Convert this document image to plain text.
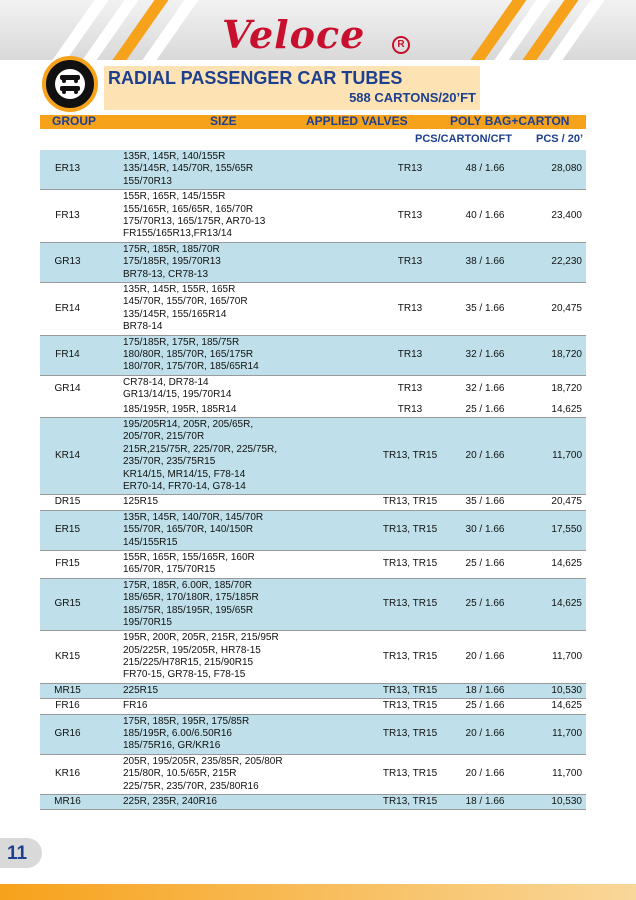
Veloce	R
RADIAL PASSENGER CAR TUBES
588 CARTONS/20’FT
GROUP	SIZE	APPLIED VALVES	POLY BAG+CARTON
PCS/CARTON/CFT PCS / 20’
ER13
135R, 145R, 140/155R
135/145R, 145/70R, 155/65R
155/70R13
TR13	48 / 1.66	28,080
FR13
155R, 165R, 145/155R
155/165R, 165/65R, 165/70R
175/70R13, 165/175R, AR70-13
FR155/165R13,FR13/14
TR13	40 / 1.66	23,400
GR13
175R, 185R, 185/70R
175/185R, 195/70R13
BR78-13, CR78-13
TR13	38 / 1.66	22,230
ER14
135R, 145R, 155R, 165R
145/70R, 155/70R, 165/70R
135/145R, 155/165R14
BR78-14
TR13	35 / 1.66	20,475
FR14
175/185R, 175R, 185/75R
180/80R, 185/70R, 165/175R
180/70R, 175/70R, 185/65R14
TR13	32 / 1.66	18,720
GR14
CR78-14, DR78-14
GR13/14/15, 195/70R14
TR13	32 / 1.66	18,720
185/195R, 195R, 185R14	TR13	25 / 1.66	14,625
KR14
195/205R14, 205R, 205/65R,
205/70R, 215/70R
215R,215/75R, 225/70R, 225/75R,
235/70R, 235/75R15
KR14/15, MR14/15, F78-14
ER70-14, FR70-14, G78-14
TR13, TR15	20 / 1.66	11,700
DR15	125R15	TR13, TR15	35 / 1.66	20,475
ER15
135R, 145R, 140/70R, 145/70R
155/70R, 165/70R, 140/150R
145/155R15
TR13, TR15	30 / 1.66	17,550
FR15
155R, 165R, 155/165R, 160R
165/70R, 175/70R15
TR13, TR15	25 / 1.66	14,625
GR15
175R, 185R, 6.00R, 185/70R
185/65R, 170/180R, 175/185R
185/75R, 185/195R, 195/65R
195/70R15
TR13, TR15	25 / 1.66	14,625
KR15
195R, 200R, 205R, 215R, 215/95R
205/225R, 195/205R, HR78-15
215/225/H78R15, 215/90R15
FR70-15, GR78-15, F78-15
TR13, TR15	20 / 1.66	11,700
MR15	225R15	TR13, TR15	18 / 1.66	10,530
FR16	FR16	TR13, TR15	25 / 1.66	14,625
GR16
175R, 185R, 195R, 175/85R
185/195R, 6.00/6.50R16
185/75R16, GR/KR16
TR13, TR15	20 / 1.66	11,700
KR16
205R, 195/205R, 235/85R, 205/80R
215/80R, 10.5/65R, 215R
225/75R, 235/70R, 235/80R16
TR13, TR15	20 / 1.66	11,700
MR16	225R, 235R, 240R16	TR13, TR15	18 / 1.66	10,530
11
